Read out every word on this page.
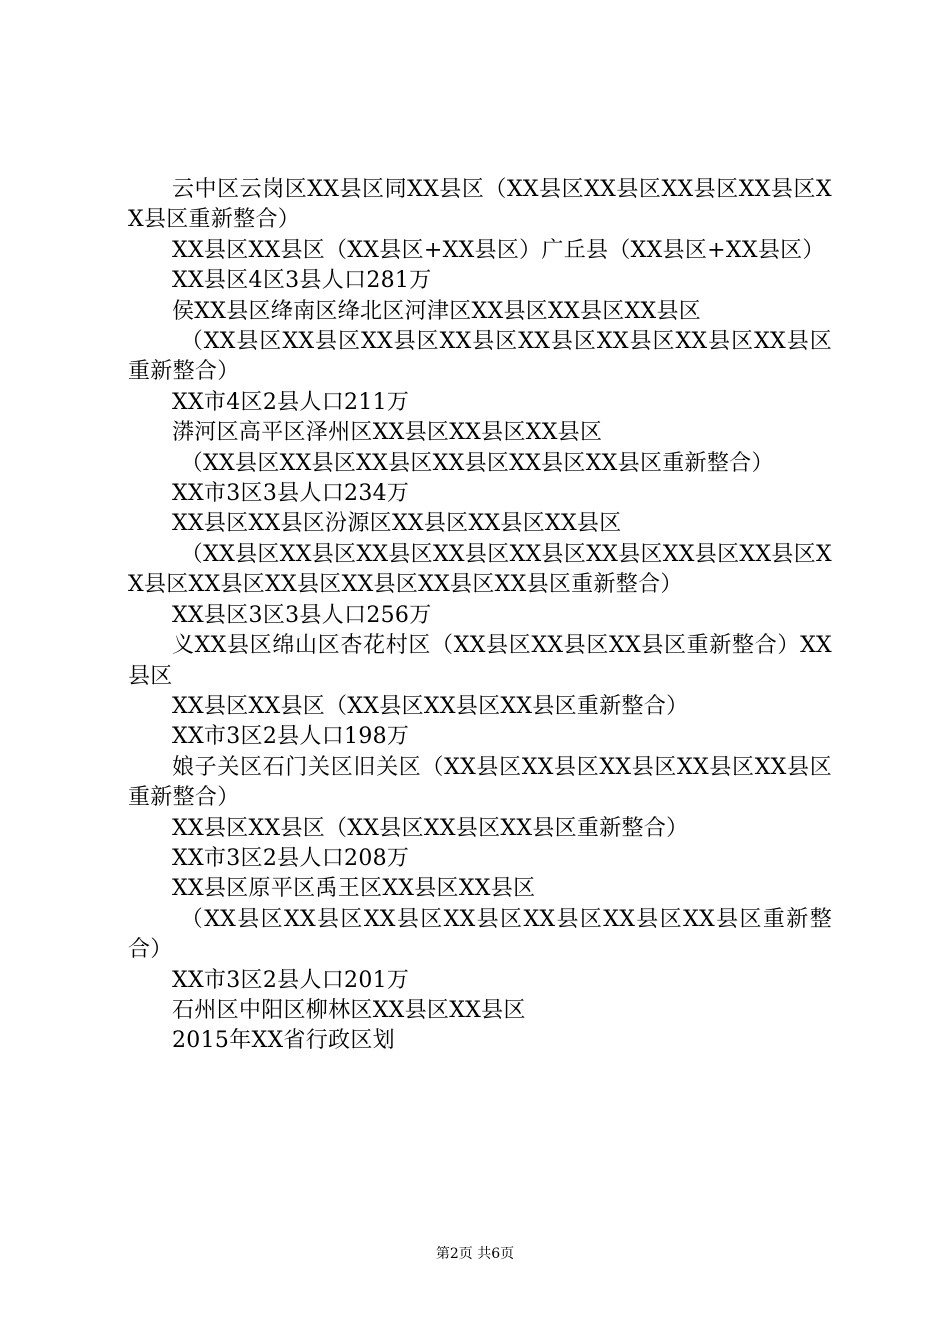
云中区云岗区XX县区同XX县区（XX县区XX县区XX县区XX县区XX县区重新整合）

XX县区XX县区（XX县区+XX县区）广丘县（XX县区+XX县区）

XX县区4区3县人口281万

侯XX县区绛南区绛北区河津区XX县区XX县区XX县区

（XX县区XX县区XX县区XX县区XX县区XX县区XX县区XX县区重新整合）

XX市4区2县人口211万

漭河区高平区泽州区XX县区XX县区XX县区

（XX县区XX县区XX县区XX县区XX县区XX县区重新整合）

XX市3区3县人口234万

XX县区XX县区汾源区XX县区XX县区XX县区

（XX县区XX县区XX县区XX县区XX县区XX县区XX县区XX县区XX县区XX县区XX县区XX县区XX县区XX县区重新整合）

XX县区3区3县人口256万

义XX县区绵山区杏花村区（XX县区XX县区XX县区重新整合）XX县区

XX县区XX县区（XX县区XX县区XX县区重新整合）

XX市3区2县人口198万

娘子关区石门关区旧关区（XX县区XX县区XX县区XX县区XX县区重新整合）

XX县区XX县区（XX县区XX县区XX县区重新整合）

XX市3区2县人口208万

XX县区原平区禹王区XX县区XX县区

（XX县区XX县区XX县区XX县区XX县区XX县区XX县区重新整合）

XX市3区2县人口201万

石州区中阳区柳林区XX县区XX县区

2015年XX省行政区划

第2页 共6页
